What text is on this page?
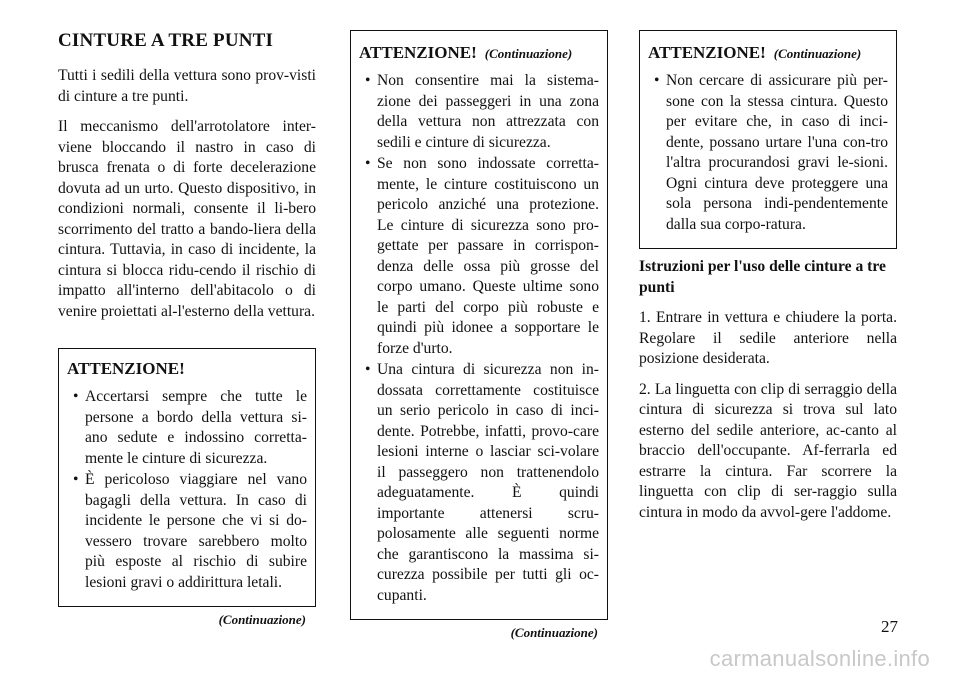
CINTURE A TRE PUNTI

Tutti i sedili della vettura sono prov-visti di cinture a tre punti.

Il meccanismo dell'arrotolatore inter-viene bloccando il nastro in caso di brusca frenata o di forte decelerazione dovuta ad un urto. Questo dispositivo, in condizioni normali, consente il li-bero scorrimento del tratto a bando-liera della cintura. Tuttavia, in caso di incidente, la cintura si blocca ridu-cendo il rischio di impatto all'interno dell'abitacolo o di venire proiettati al-l'esterno della vettura.

ATTENZIONE!
• Accertarsi sempre che tutte le persone a bordo della vettura si-ano sedute e indossino corretta-mente le cinture di sicurezza.
• È pericoloso viaggiare nel vano bagagli della vettura. In caso di incidente le persone che vi si do-vessero trovare sarebbero molto più esposte al rischio di subire lesioni gravi o addirittura letali.
(Continuazione)
ATTENZIONE! (Continuazione)
• Non consentire mai la sistema-zione dei passeggeri in una zona della vettura non attrezzata con sedili e cinture di sicurezza.
• Se non sono indossate corretta-mente, le cinture costituiscono un pericolo anziché una protezione. Le cinture di sicurezza sono pro-gettate per passare in corrispon-denza delle ossa più grosse del corpo umano. Queste ultime sono le parti del corpo più robuste e quindi più idonee a sopportare le forze d'urto.
• Una cintura di sicurezza non in-dossata correttamente costituisce un serio pericolo in caso di inci-dente. Potrebbe, infatti, provo-care lesioni interne o lasciar sci-volare il passeggero non trattenendolo adeguatamente. È quindi importante attenersi scru-polosamente alle seguenti norme che garantiscono la massima si-curezza possibile per tutti gli oc-cupanti.
(Continuazione)
ATTENZIONE! (Continuazione)
• Non cercare di assicurare più per-sone con la stessa cintura. Questo per evitare che, in caso di inci-dente, possano urtare l'una con-tro l'altra procurandosi gravi le-sioni. Ogni cintura deve proteggere una sola persona indi-pendentemente dalla sua corpo-ratura.
Istruzioni per l'uso delle cinture a tre punti

1. Entrare in vettura e chiudere la porta. Regolare il sedile anteriore nella posizione desiderata.

2. La linguetta con clip di serraggio della cintura di sicurezza si trova sul lato esterno del sedile anteriore, ac-canto al braccio dell'occupante. Af-ferrarla ed estrarre la cintura. Far scorrere la linguetta con clip di ser-raggio sulla cintura in modo da avvol-gere l'addome.

27
carmanualsonline.info
